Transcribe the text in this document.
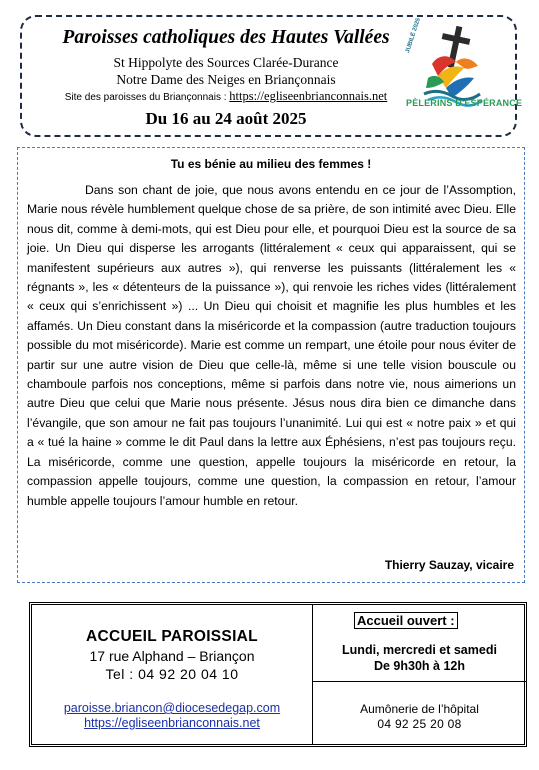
Paroisses catholiques des Hautes Vallées
St Hippolyte des Sources Clarée-Durance
Notre Dame des Neiges en Briançonnais
Site des paroisses du Briançonnais : https://egliseenbrianconnais.net
Du 16 au 24 août 2025
JUBILÉ 2025
PÈLERINS D'ESPÉRANCE
Tu es bénie au milieu des femmes !

Dans son chant de joie, que nous avons entendu en ce jour de l’Assomption, Marie nous révèle humblement quelque chose de sa prière, de son intimité avec Dieu. Elle nous dit, comme à demi-mots, qui est Dieu pour elle, et pourquoi Dieu est la source de sa joie. Un Dieu qui disperse les arrogants (littéralement « ceux qui apparaissent, qui se manifestent supérieurs aux autres »), qui renverse les puissants (littéralement les « régnants », les « détenteurs de la puissance »), qui renvoie les riches vides (littéralement « ceux qui s’enrichissent ») ... Un Dieu qui choisit et magnifie les plus humbles et les affamés. Un Dieu constant dans la miséricorde et la compassion (autre traduction toujours possible du mot miséricorde). Marie est comme un rempart, une étoile pour nous éviter de partir sur une autre vision de Dieu que celle-là, même si une telle vision bouscule ou chamboule parfois nos conceptions, même si parfois dans notre vie, nous aimerions un autre Dieu que celui que Marie nous présente. Jésus nous dira bien ce dimanche dans l’évangile, que son amour ne fait pas toujours l’unanimité. Lui qui est « notre paix » et qui a « tué la haine » comme le dit Paul dans la lettre aux Éphésiens, n’est pas toujours reçu. La miséricorde, comme une question, appelle toujours la miséricorde en retour, la compassion appelle toujours, comme une question, la compassion en retour, l’amour humble appelle toujours l’amour humble en retour.

Thierry Sauzay, vicaire
ACCUEIL PAROISSIAL
17 rue Alphand – Briançon
Tel : 04 92 20 04 10
paroisse.briancon@diocesedegap.com
https://egliseenbrianconnais.net
Accueil ouvert :
Lundi, mercredi et samedi
De 9h30h à 12h
Aumônerie de l’hôpital
04 92 25 20 08
